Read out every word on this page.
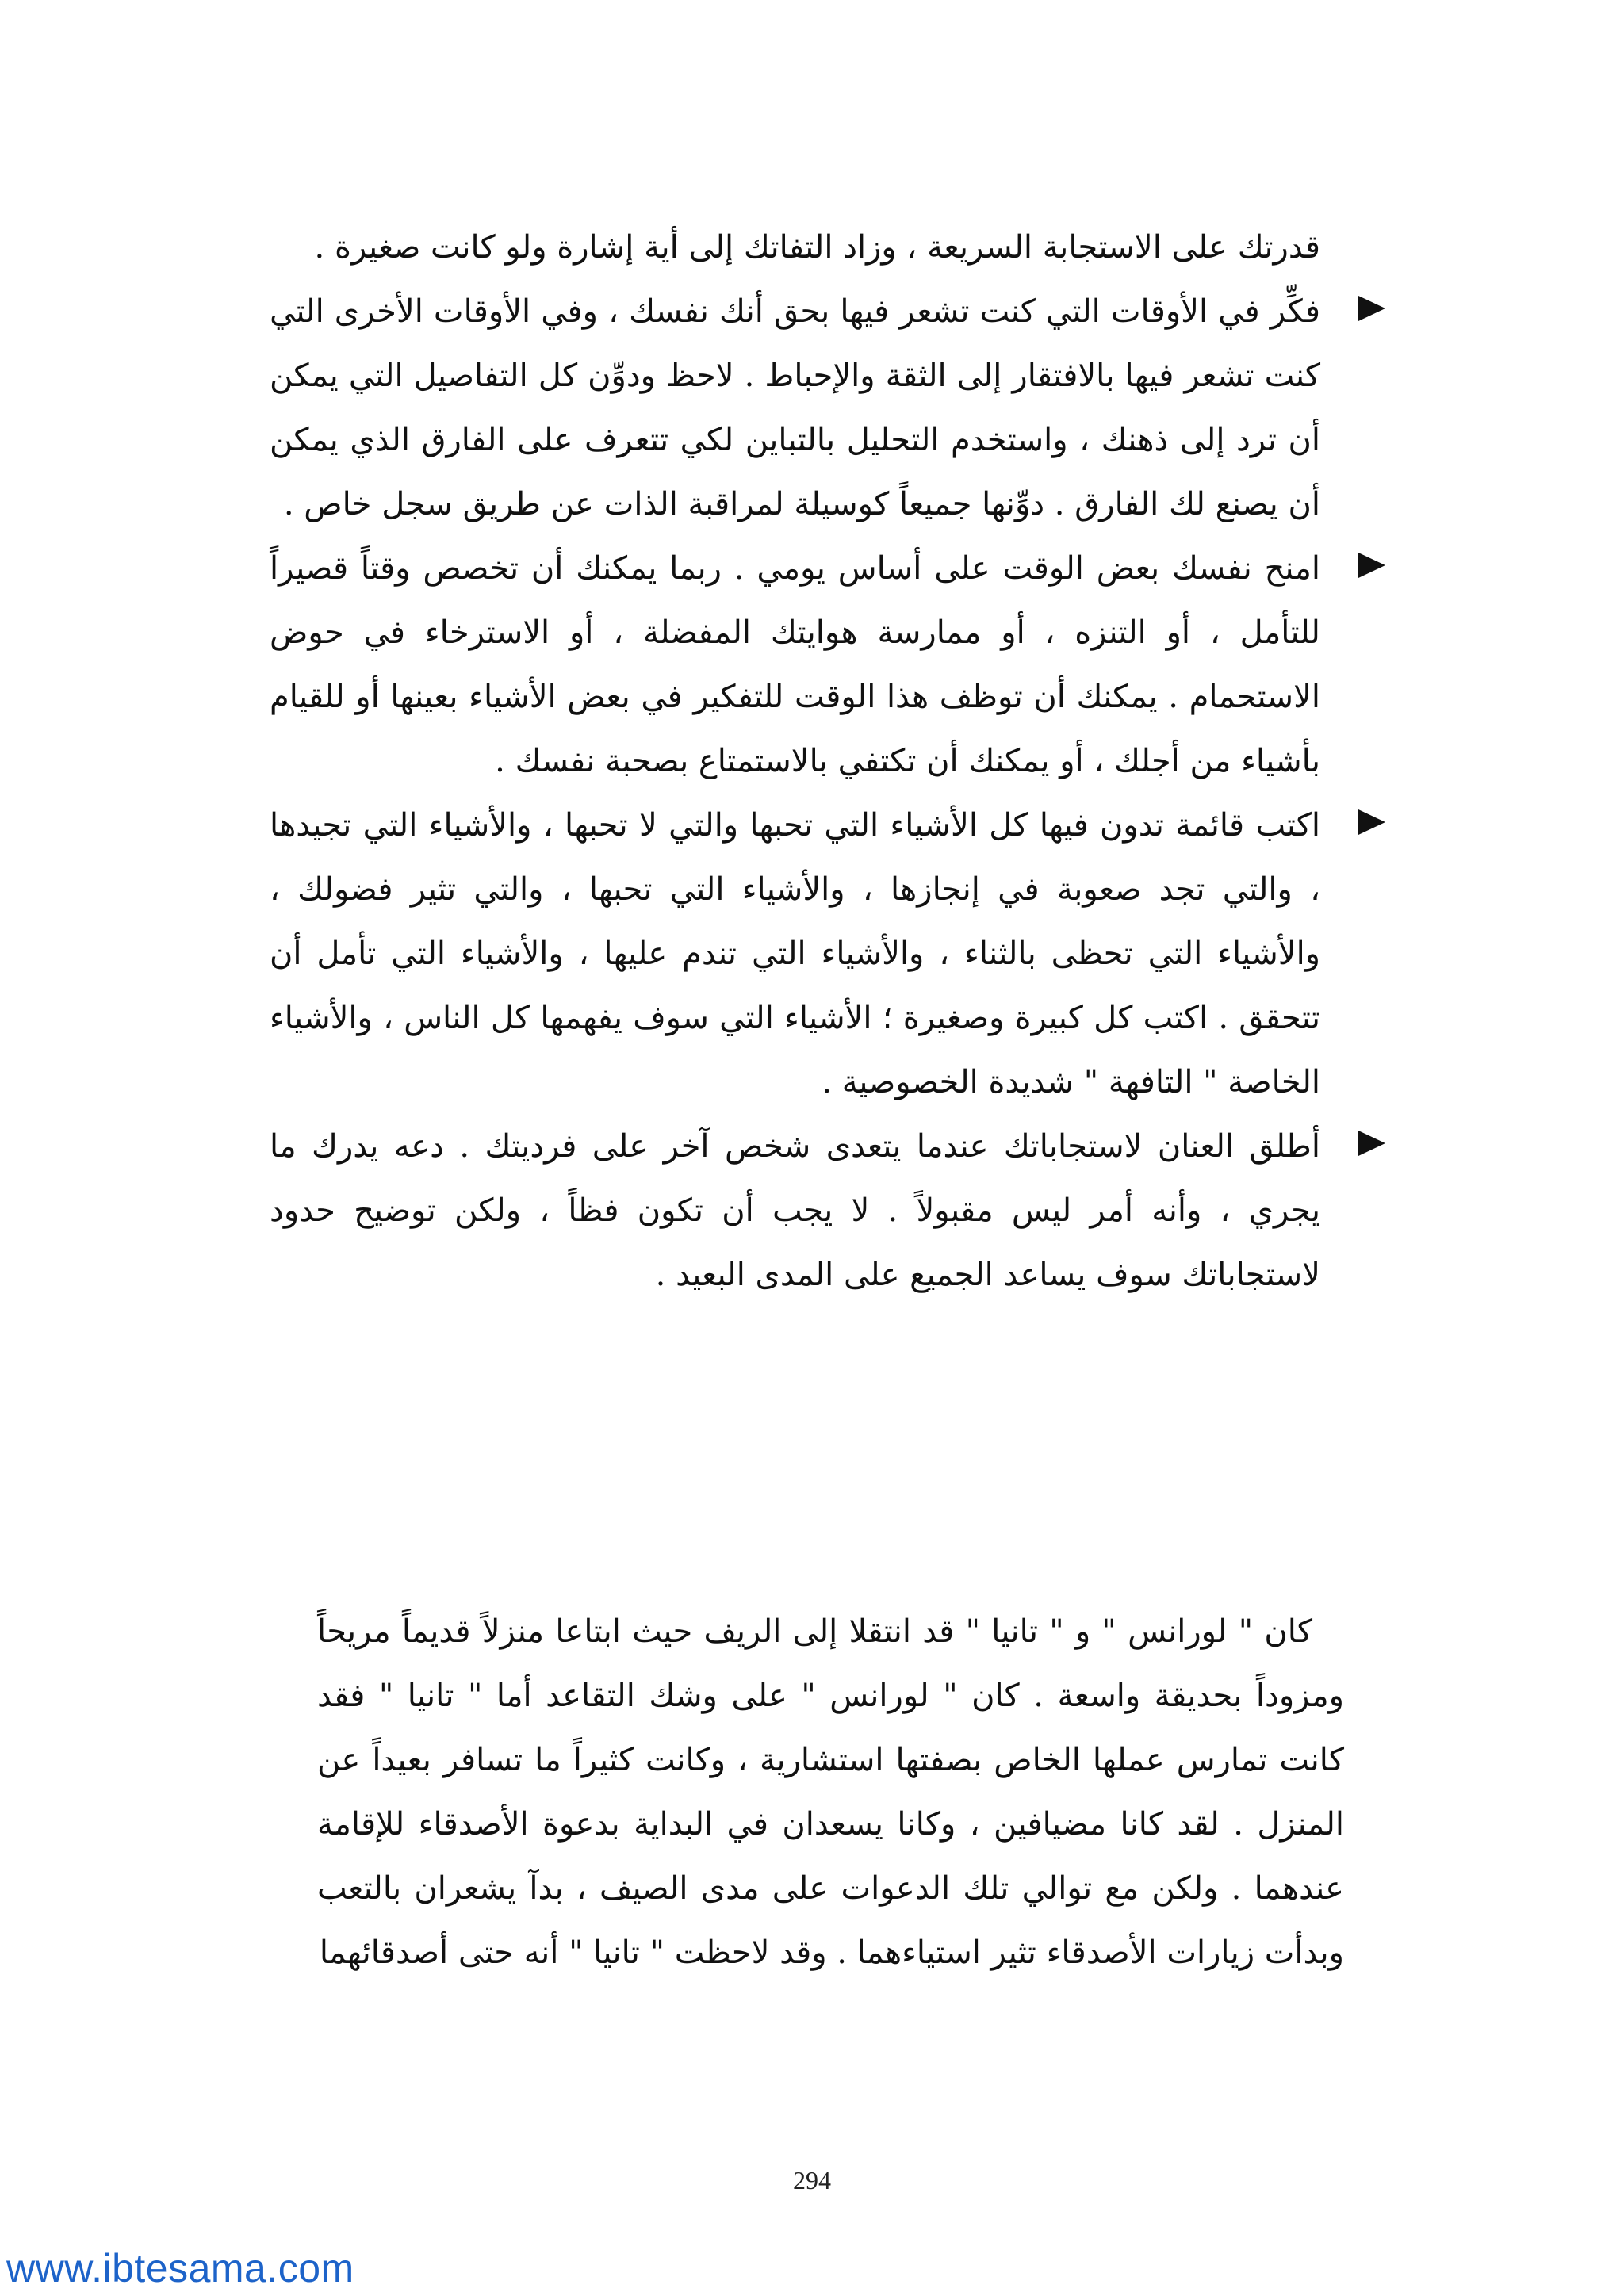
قدرتك على الاستجابة السريعة ، وزاد التفاتك إلى أية إشارة ولو كانت صغيرة .

فكِّر في الأوقات التي كنت تشعر فيها بحق أنك نفسك ، وفي الأوقات الأخرى التي كنت تشعر فيها بالافتقار إلى الثقة والإحباط . لاحظ ودوِّن كل التفاصيل التي يمكن أن ترد إلى ذهنك ، واستخدم التحليل بالتباين لكي تتعرف على الفارق الذي يمكن أن يصنع لك الفارق . دوِّنها جميعاً كوسيلة لمراقبة الذات عن طريق سجل خاص .

امنح نفسك بعض الوقت على أساس يومي . ربما يمكنك أن تخصص وقتاً قصيراً للتأمل ، أو التنزه ، أو ممارسة هوايتك المفضلة ، أو الاسترخاء في حوض الاستحمام . يمكنك أن توظف هذا الوقت للتفكير في بعض الأشياء بعينها أو للقيام بأشياء من أجلك ، أو يمكنك أن تكتفي بالاستمتاع بصحبة نفسك .

اكتب قائمة تدون فيها كل الأشياء التي تحبها والتي لا تحبها ، والأشياء التي تجيدها ، والتي تجد صعوبة في إنجازها ، والأشياء التي تحبها ، والتي تثير فضولك ، والأشياء التي تحظى بالثناء ، والأشياء التي تندم عليها ، والأشياء التي تأمل أن تتحقق . اكتب كل كبيرة وصغيرة ؛ الأشياء التي سوف يفهمها كل الناس ، والأشياء الخاصة " التافهة " شديدة الخصوصية .

أطلق العنان لاستجاباتك عندما يتعدى شخص آخر على فرديتك . دعه يدرك ما يجري ، وأنه أمر ليس مقبولاً . لا يجب أن تكون فظاً ، ولكن توضيح حدود لاستجاباتك سوف يساعد الجميع على المدى البعيد .

كان " لورانس " و " تانيا " قد انتقلا إلى الريف حيث ابتاعا منزلاً قديماً مريحاً ومزوداً بحديقة واسعة . كان " لورانس " على وشك التقاعد أما " تانيا " فقد كانت تمارس عملها الخاص بصفتها استشارية ، وكانت كثيراً ما تسافر بعيداً عن المنزل . لقد كانا مضيافين ، وكانا يسعدان في البداية بدعوة الأصدقاء للإقامة عندهما . ولكن مع توالي تلك الدعوات على مدى الصيف ، بدآ يشعران بالتعب وبدأت زيارات الأصدقاء تثير استياءهما . وقد لاحظت " تانيا " أنه حتى أصدقائهما

294
www.ibtesama.com
